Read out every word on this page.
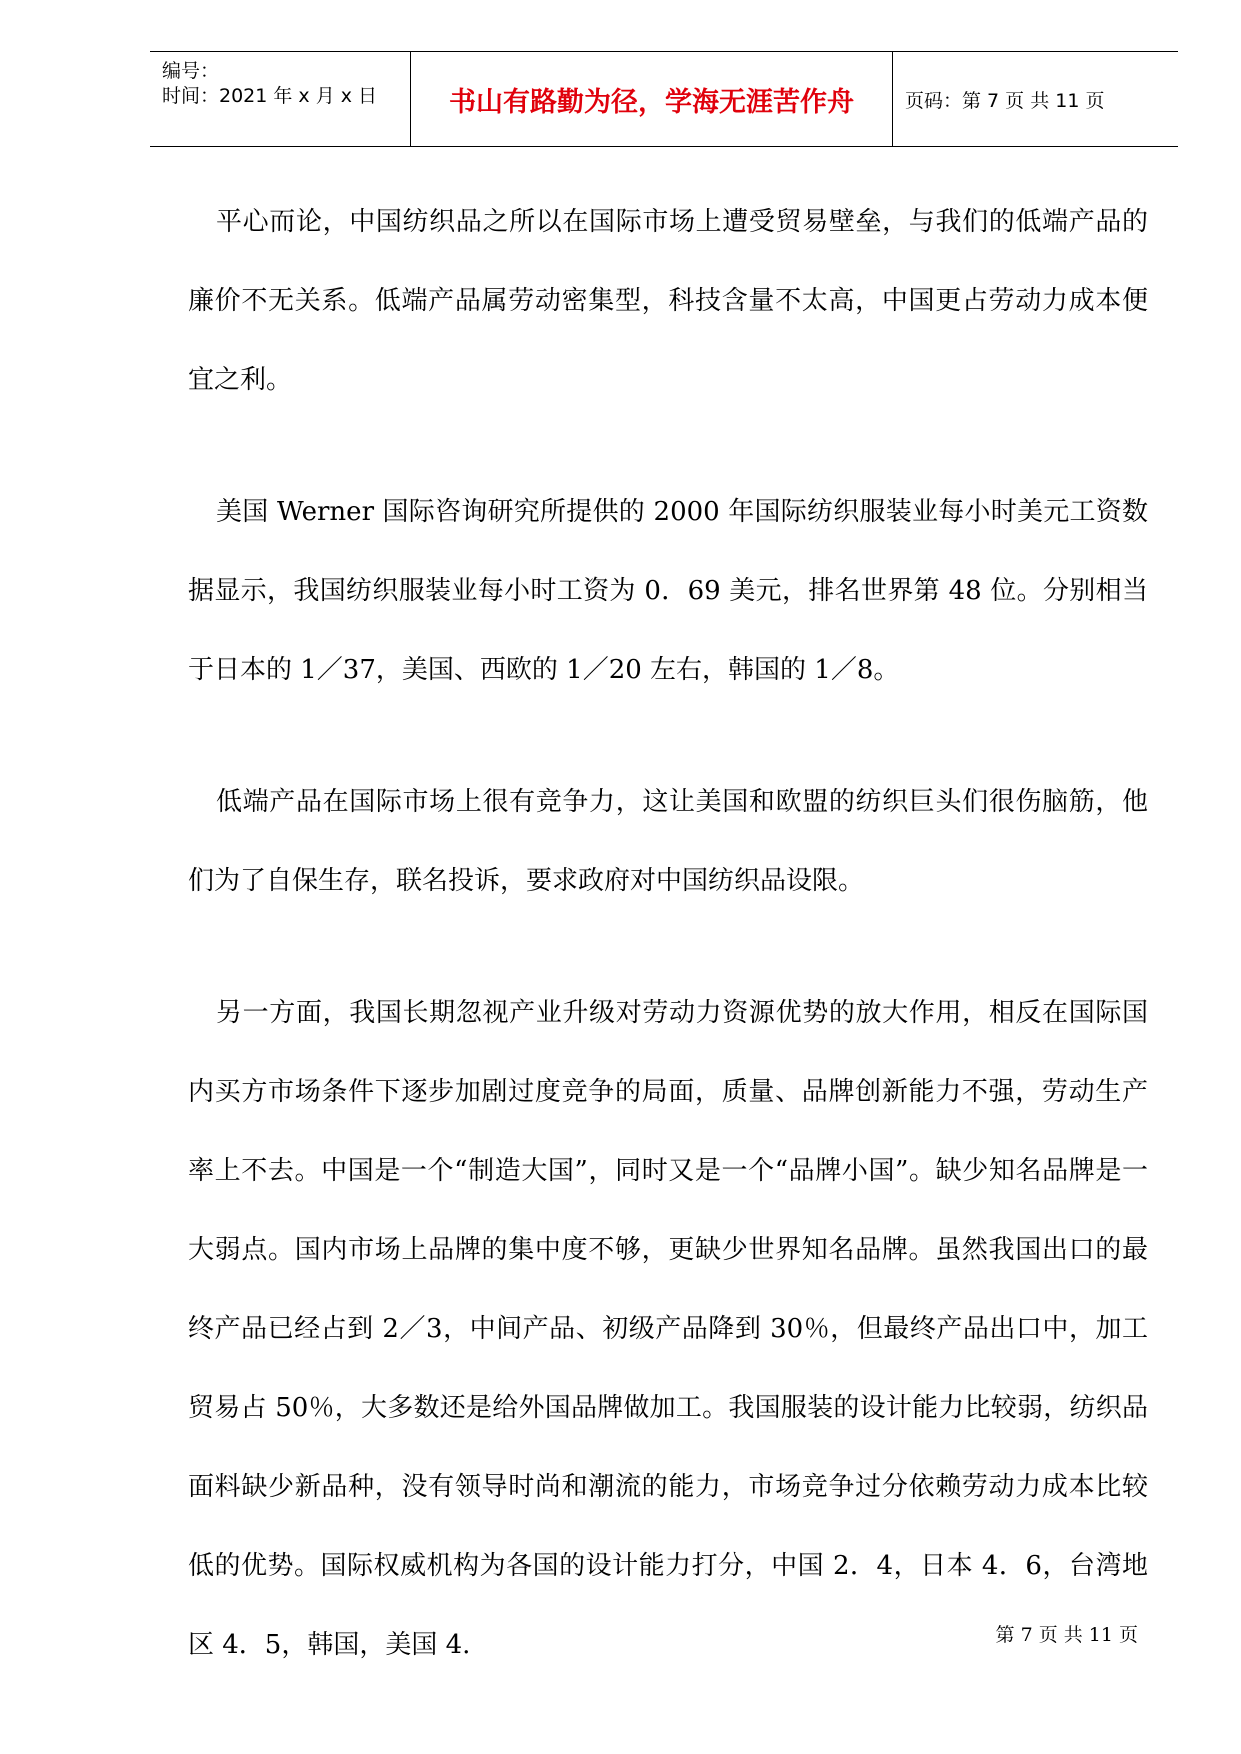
编号：
时间：2021 年 x 月 x 日	书山有路勤为径，学海无涯苦作舟	页码：第 7 页 共 11 页

平心而论，中国纺织品之所以在国际市场上遭受贸易壁垒，与我们的低端产品的廉价不无关系。低端产品属劳动密集型，科技含量不太高，中国更占劳动力成本便宜之利。

美国 Werner 国际咨询研究所提供的 2000 年国际纺织服装业每小时美元工资数据显示，我国纺织服装业每小时工资为 0．69 美元，排名世界第 48 位。分别相当于日本的 1／37，美国、西欧的 1／20 左右，韩国的 1／8。

低端产品在国际市场上很有竞争力，这让美国和欧盟的纺织巨头们很伤脑筋，他们为了自保生存，联名投诉，要求政府对中国纺织品设限。

另一方面，我国长期忽视产业升级对劳动力资源优势的放大作用，相反在国际国内买方市场条件下逐步加剧过度竞争的局面，质量、品牌创新能力不强，劳动生产率上不去。中国是一个“制造大国”，同时又是一个“品牌小国”。缺少知名品牌是一大弱点。国内市场上品牌的集中度不够，更缺少世界知名品牌。虽然我国出口的最终产品已经占到 2／3，中间产品、初级产品降到 30％，但最终产品出口中，加工贸易占 50％，大多数还是给外国品牌做加工。我国服装的设计能力比较弱，纺织品面料缺少新品种，没有领导时尚和潮流的能力，市场竞争过分依赖劳动力成本比较低的优势。国际权威机构为各国的设计能力打分，中国 2．4，日本 4．6，台湾地区 4．5，韩国，美国 4.	第 7 页 共 11 页
